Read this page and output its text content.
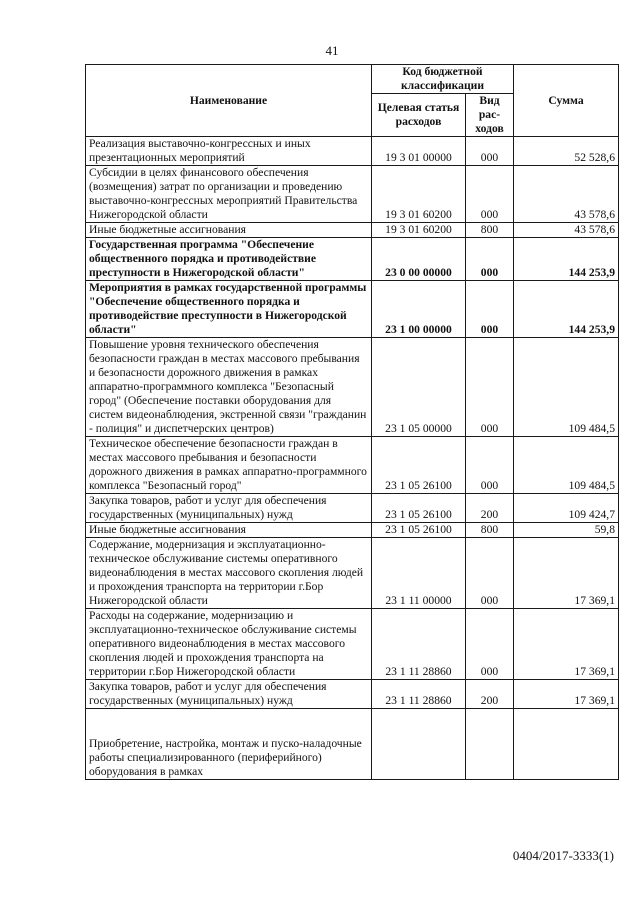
41
Наименование	Код бюджетной классификации		Сумма
	Целевая статья расходов	Вид рас-ходов	
Реализация выставочно-конгрессных и иных презентационных мероприятий	19 3 01 00000	000	52 528,6
Субсидии в целях финансового обеспечения (возмещения) затрат по организации и проведению выставочно-конгрессных мероприятий Правительства Нижегородской области	19 3 01 60200	000	43 578,6
Иные бюджетные ассигнования	19 3 01 60200	800	43 578,6
Государственная программа "Обеспечение общественного порядка и противодействие преступности в Нижегородской области"	23 0 00 00000	000	144 253,9
Мероприятия в рамках государственной программы "Обеспечение общественного порядка и противодействие преступности в Нижегородской области"	23 1 00 00000	000	144 253,9
Повышение уровня технического обеспечения безопасности граждан в местах массового пребывания и безопасности дорожного движения в рамках аппаратно-программного комплекса "Безопасный город" (Обеспечение поставки оборудования для систем видеонаблюдения, экстренной связи "гражданин - полиция" и диспетчерских центров)	23 1 05 00000	000	109 484,5
Техническое обеспечение безопасности граждан в местах массового пребывания и безопасности дорожного движения в рамках аппаратно-программного комплекса "Безопасный город"	23 1 05 26100	000	109 484,5
Закупка товаров, работ и услуг для обеспечения государственных (муниципальных) нужд	23 1 05 26100	200	109 424,7
Иные бюджетные ассигнования	23 1 05 26100	800	59,8
Содержание, модернизация и эксплуатационно-техническое обслуживание системы оперативного видеонаблюдения в местах массового скопления людей и прохождения транспорта на территории г.Бор Нижегородской области	23 1 11 00000	000	17 369,1
Расходы на содержание, модернизацию и эксплуатационно-техническое обслуживание системы оперативного видеонаблюдения в местах массового скопления людей и прохождения транспорта на территории г.Бор Нижегородской области	23 1 11 28860	000	17 369,1
Закупка товаров, работ и услуг для обеспечения государственных (муниципальных) нужд	23 1 11 28860	200	17 369,1
Приобретение, настройка, монтаж и пуско-наладочные работы специализированного (периферийного) оборудования в рамках			
0404/2017-3333(1)
